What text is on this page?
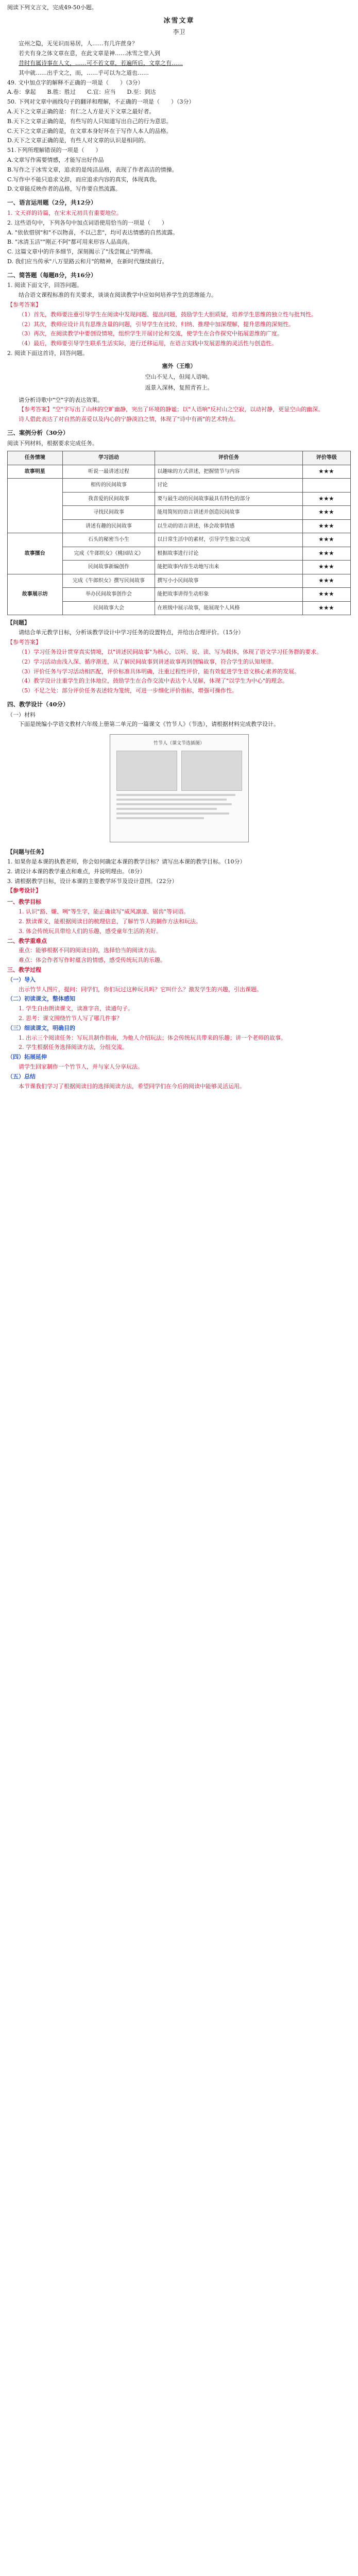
阅读下列文言文，完成49-50小题。
冰雪文章
李卫

宣州之隐，无见识而易居，人……有几许蔗身？

若夫有身之体文章在意，在此文章是神……冰雪之堂入到

昔时有属诗事在人文，……可不若文章，若遍所后，文章之有……

其中就……出乎文之，而，……乎可以为之道也……

49. 文中加点字的解释不正确的一项是（　　）（3分）

A.卷：拿起　　B.胜：胜过　　C.宜：应当　　D.至：到达

50. 下列对文章中画线句子的翻译和理解，不正确的一项是（　　）（3分）

A.天下之文章正确的是：有仁之人方是天下文章之最好者。

B.天下之文章正确的是，有些写的人只知道写出自己的行为意思。

C.天下之文章正确的是，在文章本身好坏在于写作人本人的品格。

D.天下之文章正确的是，有些人对文章的认识是相同的。

51.下列所理解错误的一项是（　　）

A.文章写作需要情感，才能写出好作品

B.写作之于冰雪文章，追求的是纯洁品格，表现了作者高洁的情操。

C.写作中不能只追求文辞，而应追求内容的真实，体现真我。

D.文章能反映作者的品格，写作要自然流露。

一、语言运用题（2分，共12分）

1. 文天祥的诗篇，在宋末元初具有重要地位。

2. 这些语句中，下列各句中加点词语使用恰当的一项是（　　）

A. "依依惜别"和"不以物喜，不以己悲"，均可表达情感的自然流露。

B. "冰清玉洁""刚正不阿"都可用来形容人品高尚。

C. 这篇文章中的许多细节，深刻揭示了"浅尝辄止"的弊端。

D. 我们应当传承"八万里路云和月"的精神，在新时代继续前行。

二、简答题（每题8分，共16分）

1. 阅读下面文字，回答问题。

结合语文课程标准的有关要求，谈谈在阅读教学中应如何培养学生的思维能力。

【参考答案】

（1）首先，教师要注重引导学生在阅读中发现问题、提出问题，鼓励学生大胆质疑，培养学生思维的独立性与批判性。

（2）其次，教师应设计具有思维含量的问题，引导学生在比较、归纳、推理中加深理解，提升思维的深刻性。

（3）再次，在阅读教学中要创设情境，组织学生开展讨论和交流，使学生在合作探究中拓展思维的广度。

（4）最后，教师要引导学生联系生活实际，进行迁移运用，在语言实践中发展思维的灵活性与创造性。

2. 阅读下面这首诗，回答问题。

塞外（王维）
空山不见人，但闻人语响。
返景入深林，复照青苔上。

请分析诗歌中"空"字的表达效果。

【参考答案】"空"字写出了山林的空旷幽静，突出了环境的静谧；以"人语响"反衬山之空寂，以动衬静，更显空山的幽深。

诗人借此表达了对自然的喜爱以及内心的宁静淡泊之情，体现了"诗中有画"的艺术特点。

三、案例分析（30分）

阅读下列材料，根据要求完成任务。

任务情境	学习活动	评价任务	评价等级
故事明星	听说一最讲述过程	以趣味的方式讲述，把握情节与内容	★★★
	相传的民间故事	讨论	
	我喜爱的民间故事	要与最生动的民间故事最具有特色的部分	★★★
	寻找民间故事	能用简短的语言讲述并创造民间故事	★★★
	讲述有趣的民间故事	以生动的语言讲述，体会故事情感	★★★
故事擂台	石头的秘密当小生	以日常生活中的素材，引导学生独立完成	★★★
	完成《牛郎织女》《桃园结义》	根据故事进行讨论	★★★
	民间故事新编创作	能把故事内容生动地写出来	★★★
故事展示坊	完成《牛郎织女》撰写民间故事	撰写小小民间故事	★★★
	举办民间故事创作会	能把故事讲得生动形象	★★★
	民间故事大会	在班级中展示故事，能展现个人风格	★★★

【问题】

请结合单元教学目标，分析该教学设计中学习任务的设置特点，并给出合理评价。（15分）

【参考答案】

（1）学习任务设计贯穿真实情境，以"讲述民间故事"为核心，以听、说、读、写为载体，体现了语文学习任务群的要求。

（2）学习活动由浅入深、循序渐进，从了解民间故事到讲述故事再到创编故事，符合学生的认知规律。

（3）评价任务与学习活动相匹配，评价标准具体明确，注重过程性评价，能有效促进学生语文核心素养的发展。

（4）教学设计注重学生的主体地位，鼓励学生在合作交流中表达个人见解，体现了"以学生为中心"的理念。

（5）不足之处：部分评价任务表述较为笼统，可进一步细化评价指标，增强可操作性。

四、教学设计（40分）

（一）材料

下面是统编小学语文教材六年级上册第二单元的一篇课文《竹节人》（节选），请根据材料完成教学设计。

竹节人（课文节选插图）

【问题与任务】

1. 如果你是本课的执教老师，你会如何确定本课的教学目标？请写出本课的教学目标。（10分）

2. 请设计本课的教学重点和难点，并说明理由。（8分）

3. 请根据教学目标，设计本课的主要教学环节及设计意图。（22分）

【参考设计】

一、教学目标

1. 认识"豁、嫌、咧"等生字，能正确读写"威风凛凛、锯齿"等词语。

2. 默读课文，能根据阅读目的梳理信息，了解竹节人的制作方法和玩法。

3. 体会传统玩具带给人们的乐趣，感受童年生活的美好。

二、教学重难点

重点：能够根据不同的阅读目的，选择恰当的阅读方法。

难点：体会作者写作时蕴含的情感，感受传统玩具的乐趣。

三、教学过程

（一）导入

出示竹节人图片，提问：同学们，你们玩过这种玩具吗？它叫什么？激发学生的兴趣，引出课题。

（二）初读课文，整体感知

1. 学生自由朗读课文，读准字音，读通句子。

2. 思考：课文围绕竹节人写了哪几件事？

（三）细读课文，明确目的

1. 出示三个阅读任务：写玩具制作指南，为他人介绍玩法；体会传统玩具带来的乐趣；讲一个老师的故事。

2. 学生根据任务选择阅读方法，分组交流。

（四）拓展延伸

请学生回家制作一个竹节人，并与家人分享玩法。

（五）总结

本节课我们学习了根据阅读目的选择阅读方法，希望同学们在今后的阅读中能够灵活运用。
